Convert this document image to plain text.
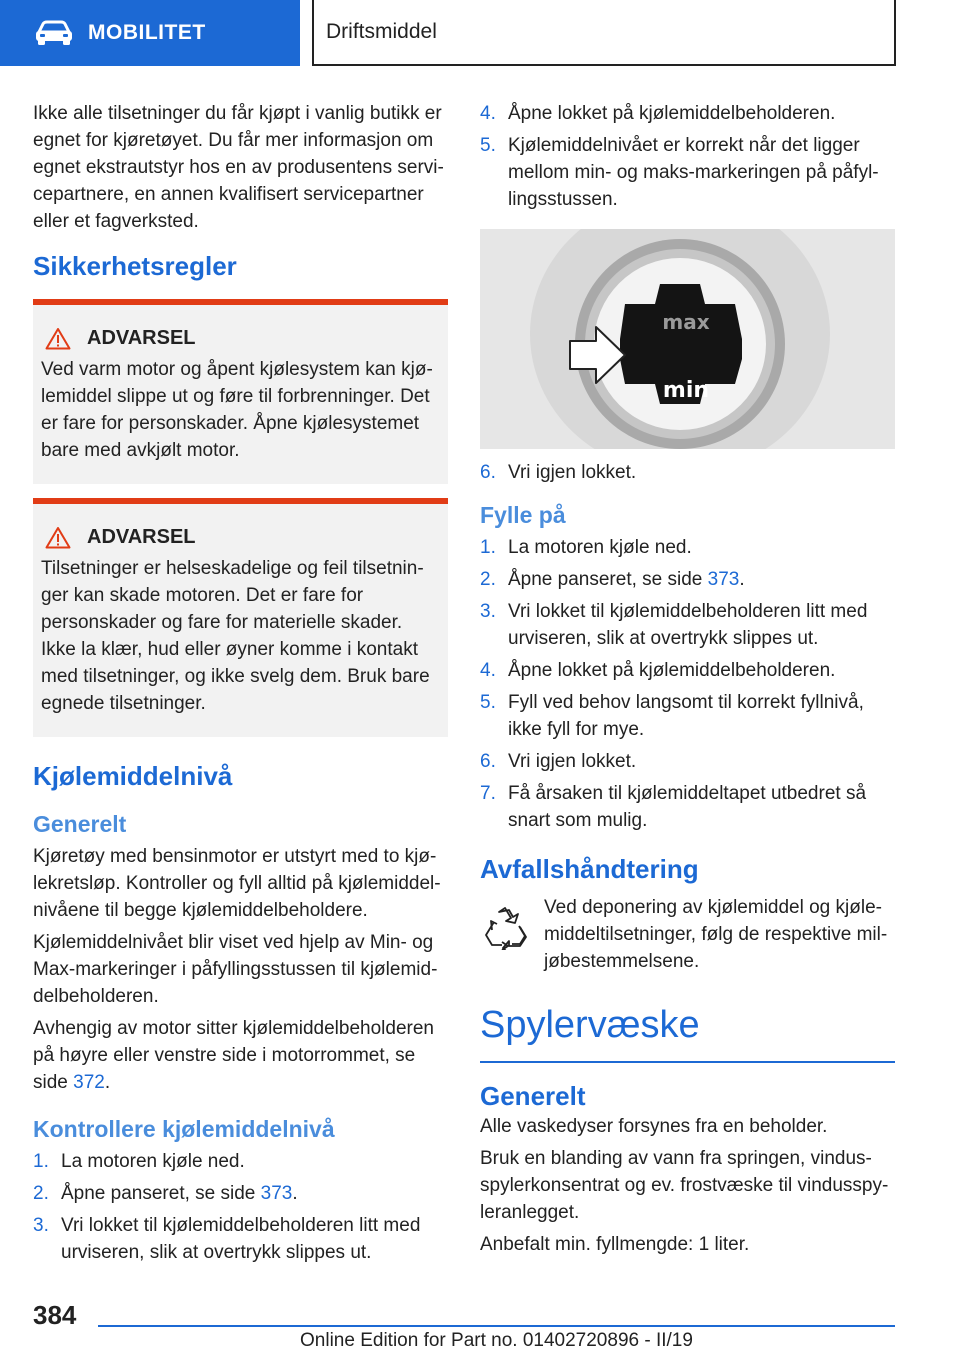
MOBILITET	Driftsmiddel

Ikke alle tilsetninger du får kjøpt i vanlig butikk er egnet for kjøretøyet. Du får mer informasjon om egnet ekstrautstyr hos en av produsentens servicepartnere, en annen kvalifisert servicepartner eller et fagverksted.

Sikkerhetsregler
ADVARSEL
Ved varm motor og åpent kjølesystem kan kjølemiddel slippe ut og føre til forbrenninger. Det er fare for personskader. Åpne kjølesystemet bare med avkjølt motor.
ADVARSEL
Tilsetninger er helseskadelige og feil tilsetninger kan skade motoren. Det er fare for personskader og fare for materielle skader. Ikke la klær, hud eller øyner komme i kontakt med tilsetninger, og ikke svelg dem. Bruk bare egnede tilsetninger.
Kjølemiddelnivå
Generelt

Kjøretøy med bensinmotor er utstyrt med to kjølekretsløp. Kontroller og fyll alltid på kjølemiddelnivåene til begge kjølemiddelbeholdere.

Kjølemiddelnivået blir viset ved hjelp av Min- og Max-markeringer i påfyllingsstussen til kjølemiddelbeholderen.

Avhengig av motor sitter kjølemiddelbeholderen på høyre eller venstre side i motorrommet, se side 372.

Kontrollere kjølemiddelnivå
1. La motoren kjøle ned.
2. Åpne panseret, se side 373.
3. Vri lokket til kjølemiddelbeholderen litt med urviseren, slik at overtrykk slippes ut.
4. Åpne lokket på kjølemiddelbeholderen.
5. Kjølemiddelnivået er korrekt når det ligger mellom min- og maks-markeringen på påfyllingsstussen.
max
min
6. Vri igjen lokket.
Fylle på
1. La motoren kjøle ned.
2. Åpne panseret, se side 373.
3. Vri lokket til kjølemiddelbeholderen litt med urviseren, slik at overtrykk slippes ut.
4. Åpne lokket på kjølemiddelbeholderen.
5. Fyll ved behov langsomt til korrekt fyllnivå, ikke fyll for mye.
6. Vri igjen lokket.
7. Få årsaken til kjølemiddeltapet utbedret så snart som mulig.
Avfallshåndtering
Ved deponering av kjølemiddel og kjølemiddeltilsetninger, følg de respektive miljøbestemmelsene.
Spylervæske
Generelt

Alle vaskedyser forsynes fra en beholder.

Bruk en blanding av vann fra springen, vindusspylerkonsentrat og ev. frostvæske til vindusspyleranlegget.

Anbefalt min. fyllmengde: 1 liter.

384
Online Edition for Part no. 01402720896 - II/19
